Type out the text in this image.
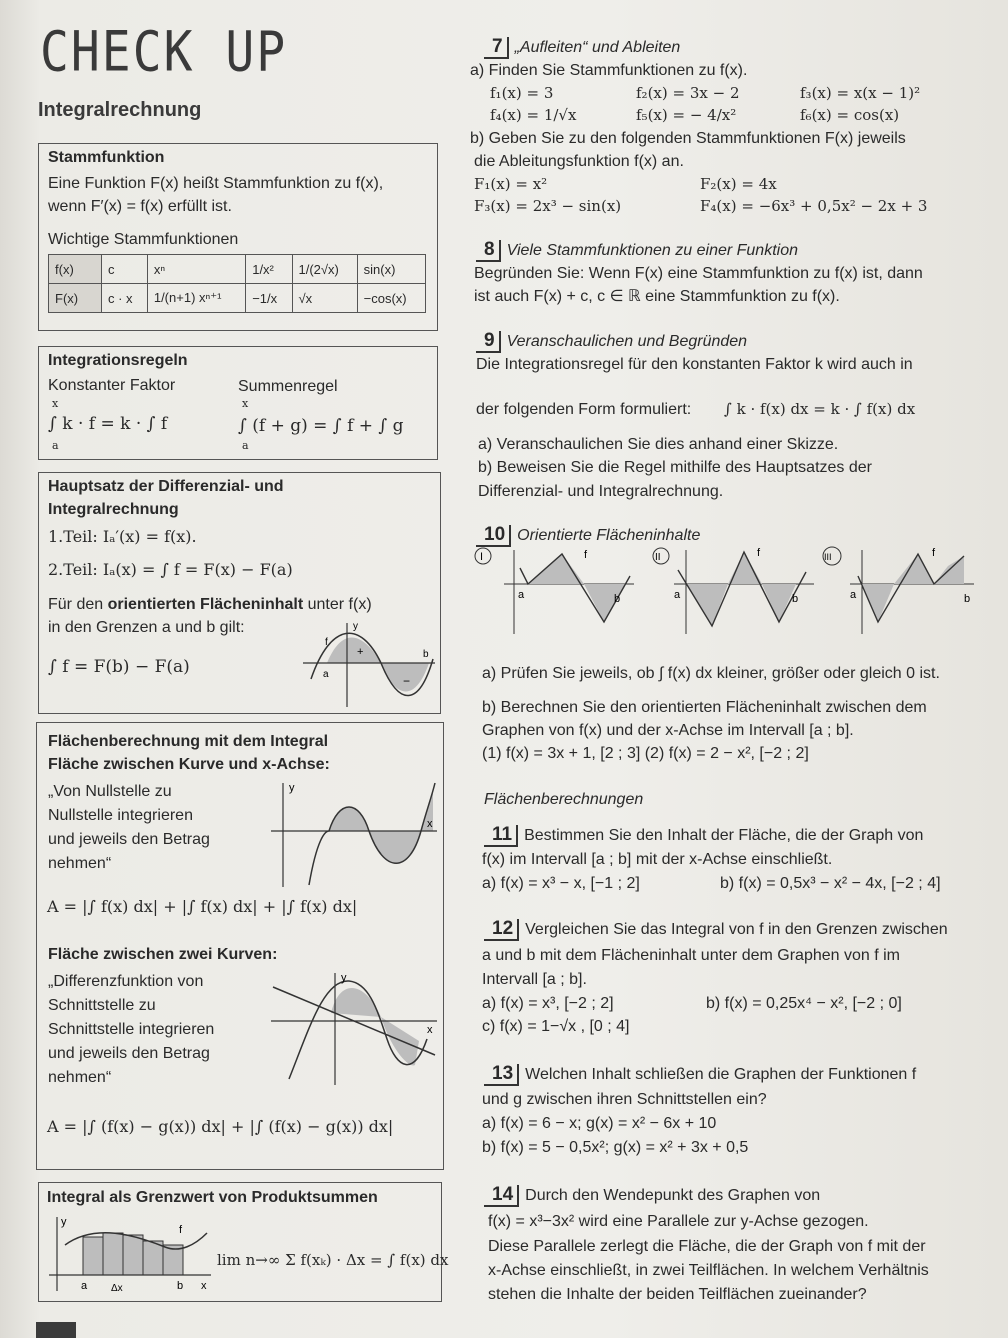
CHECK UP
Integralrechnung
Stammfunktion
Eine Funktion F(x) heißt Stammfunktion zu f(x),
wenn F′(x) = f(x) erfüllt ist.
Wichtige Stammfunktionen
f(x)	c	xⁿ	1/x²	1/(2√x)	sin(x)
F(x)	c · x	1/(n+1) xⁿ⁺¹	−1/x	√x	−cos(x)
Integrationsregeln
Konstanter Faktor	Summenregel
x
∫ k · f = k · ∫ f
a
x
∫ (f + g) = ∫ f + ∫ g
a
Hauptsatz der Differenzial- und
Integralrechnung
1.Teil: Iₐ′(x) = f(x).
2.Teil: Iₐ(x) = ∫ f = F(x) − F(a)
Für den orientierten Flächeninhalt unter f(x)
in den Grenzen a und b gilt:
∫ f = F(b) − F(a)
y
f
a
b
+
−
Flächenberechnung mit dem Integral
Fläche zwischen Kurve und x-Achse:
„Von Nullstelle zu
Nullstelle integrieren
und jeweils den Betrag
nehmen“
y
x
A = |∫ f(x) dx| + |∫ f(x) dx| + |∫ f(x) dx|
Fläche zwischen zwei Kurven:
„Differenzfunktion von
Schnittstelle zu
Schnittstelle integrieren
und jeweils den Betrag
nehmen“
y
x
A = |∫ (f(x) − g(x)) dx| + |∫ (f(x) − g(x)) dx|
Integral als Grenzwert von Produktsummen
y
f
a Δx	b x
lim n→∞ Σ f(xₖ) · Δx = ∫ f(x) dx
7 „Aufleiten“ und Ableiten
a) Finden Sie Stammfunktionen zu f(x).
f₁(x) = 3	f₂(x) = 3x − 2	f₃(x) = x(x − 1)²
f₄(x) = 1/√x	f₅(x) = − 4/x²	f₆(x) = cos(x)
b) Geben Sie zu den folgenden Stammfunktionen F(x) jeweils
die Ableitungsfunktion f(x) an.
F₁(x) = x²	F₂(x) = 4x
F₃(x) = 2x³ − sin(x)	F₄(x) = −6x³ + 0,5x² − 2x + 3
8 Viele Stammfunktionen zu einer Funktion
Begründen Sie: Wenn F(x) eine Stammfunktion zu f(x) ist, dann
ist auch F(x) + c, c ∈ ℝ eine Stammfunktion zu f(x).
9 Veranschaulichen und Begründen
Die Integrationsregel für den konstanten Faktor k wird auch in
der folgenden Form formuliert: ∫ k · f(x) dx = k · ∫ f(x) dx
a) Veranschaulichen Sie dies anhand einer Skizze.
b) Beweisen Sie die Regel mithilfe des Hauptsatzes der
Differenzial- und Integralrechnung.
10 Orientierte Flächeninhalte
I	f
a	b
II	f
a	b
III	f
a	b
a) Prüfen Sie jeweils, ob ∫ f(x) dx kleiner, größer oder gleich 0 ist.
b) Berechnen Sie den orientierten Flächeninhalt zwischen dem
Graphen von f(x) und der x-Achse im Intervall [a ; b].
(1) f(x) = 3x + 1, [2 ; 3] (2) f(x) = 2 − x², [−2 ; 2]
Flächenberechnungen
11 Bestimmen Sie den Inhalt der Fläche, die der Graph von
f(x) im Intervall [a ; b] mit der x-Achse einschließt.
a) f(x) = x³ − x, [−1 ; 2]	b) f(x) = 0,5x³ − x² − 4x, [−2 ; 4]
12 Vergleichen Sie das Integral von f in den Grenzen zwischen
a und b mit dem Flächeninhalt unter dem Graphen von f im
Intervall [a ; b].
a) f(x) = x³, [−2 ; 2]	b) f(x) = 0,25x⁴ − x², [−2 ; 0]
c) f(x) = 1−√x , [0 ; 4]
13 Welchen Inhalt schließen die Graphen der Funktionen f
und g zwischen ihren Schnittstellen ein?
a) f(x) = 6 − x; g(x) = x² − 6x + 10
b) f(x) = 5 − 0,5x²; g(x) = x² + 3x + 0,5
14 Durch den Wendepunkt des Graphen von
f(x) = x³−3x² wird eine Parallele zur y-Achse gezogen.
Diese Parallele zerlegt die Fläche, die der Graph von f mit der
x-Achse einschließt, in zwei Teilflächen. In welchem Verhältnis
stehen die Inhalte der beiden Teilflächen zueinander?
